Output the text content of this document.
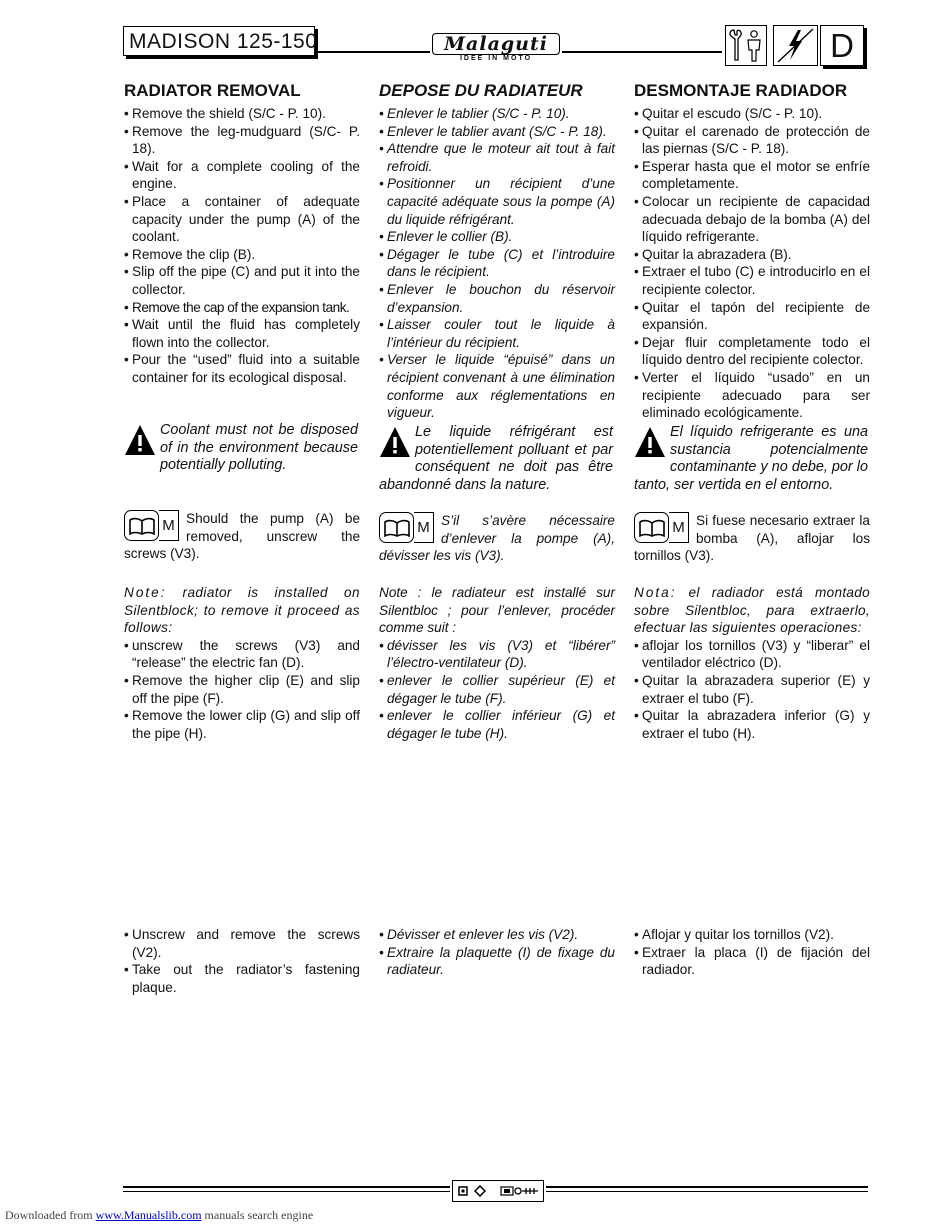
MADISON 125-150	Malaguti
IDEE IN MOTO	D
RADIATOR REMOVAL
• Remove the shield (S/C - P. 10).
• Remove the leg-mudguard (S/C- P. 18).
• Wait for a complete cooling of the engine.
• Place a container of adequate capacity under the pump (A) of the coolant.
• Remove the clip (B).
• Slip off the pipe (C) and put it into the collector.
• Remove the cap of the expansion tank.
• Wait until the fluid has completely flown into the collector.
• Pour the “used” fluid into a suitable container for its ecological disposal.
Coolant must not be disposed of in the environment because potentially polluting.
M Should the pump (A) be removed, unscrew the screws (V3).

Note: radiator is installed on Silentblock; to remove it proceed as follows:

• unscrew the screws (V3) and “release” the electric fan (D).
• Remove the higher clip (E) and slip off the pipe (F).
• Remove the lower clip (G) and slip off the pipe (H).
• Unscrew and remove the screws (V2).
• Take out the radiator’s fastening plaque.
DEPOSE DU RADIATEUR
• Enlever le tablier (S/C - P. 10).
• Enlever le tablier avant (S/C - P. 18).
• Attendre que le moteur ait tout à fait refroidi.
• Positionner un récipient d’une capacité adéquate sous la pompe (A) du liquide réfrigérant.
• Enlever le collier (B).
• Dégager le tube (C) et l’introduire dans le récipient.
• Enlever le bouchon du réservoir d’expansion.
• Laisser couler tout le liquide à l’intérieur du récipient.
• Verser le liquide “épuisé” dans un récipient convenant à une élimination conforme aux réglementations en vigueur.
Le liquide réfrigérant est potentiellement polluant et par conséquent ne doit pas être abandonné dans la nature.
M S’il s’avère nécessaire d’enlever la pompe (A), dévisser les vis (V3).

Note : le radiateur est installé sur Silentbloc ; pour l’enlever, procéder comme suit :

• dévisser les vis (V3) et “libérer” l’électro-ventilateur (D).
• enlever le collier supérieur (E) et dégager le tube (F).
• enlever le collier inférieur (G) et dégager le tube (H).
• Dévisser et enlever les vis (V2).
• Extraire la plaquette (I) de fixage du radiateur.
DESMONTAJE RADIADOR
• Quitar el escudo (S/C - P. 10).
• Quitar el carenado de protección de las piernas (S/C - P. 18).
• Esperar hasta que el motor se enfríe completamente.
• Colocar un recipiente de capacidad adecuada debajo de la bomba (A) del líquido refrigerante.
• Quitar la abrazadera (B).
• Extraer el tubo (C) e introducirlo en el recipiente colector.
• Quitar el tapón del recipiente de expansión.
• Dejar fluir completamente todo el líquido dentro del recipiente colector.
• Verter el líquido “usado” en un recipiente adecuado para ser eliminado ecológicamente.
El líquido refrigerante es una sustancia potencialmente contaminante y no debe, por lo tanto, ser vertida en el entorno.
M Si fuese necesario extraer la bomba (A), aflojar los tornillos (V3).

Nota: el radiador está montado sobre Silentbloc, para extraerlo, efectuar las siguientes operaciones:

• aflojar los tornillos (V3) y “liberar” el ventilador eléctrico (D).
• Quitar la abrazadera superior (E) y extraer el tubo (F).
• Quitar la abrazadera inferior (G) y extraer el tubo (H).
• Aflojar y quitar los tornillos (V2).
• Extraer la placa (I) de fijación del radiador.
Downloaded from www.Manualslib.com manuals search engine
